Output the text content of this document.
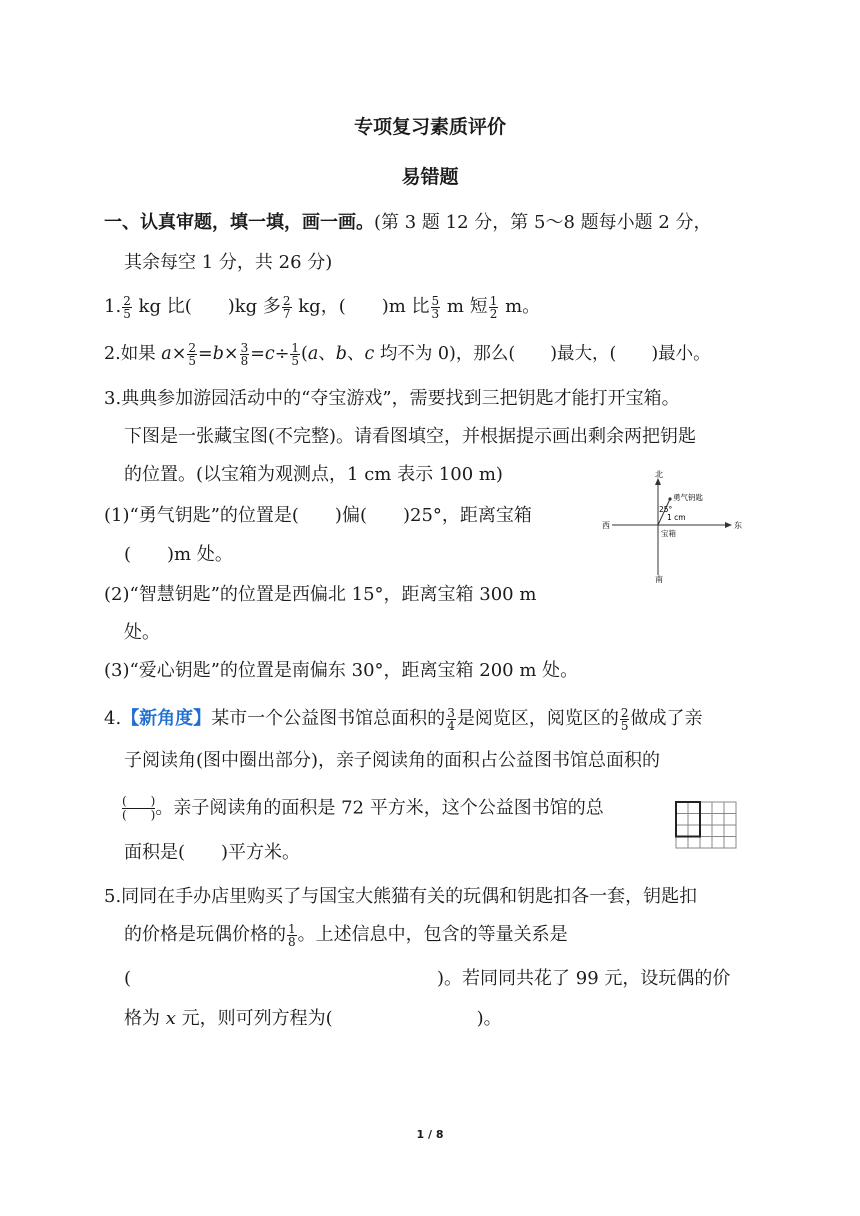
专项复习素质评价
易错题
一、认真审题，填一填，画一画。(第 3 题 12 分，第 5～8 题每小题 2 分，
其余每空 1 分，共 26 分)
1. $\frac{2}{5}$ kg 比(　　)kg 多 $\frac{2}{7}$ kg，(　　)m 比 $\frac{5}{3}$ m 短 $\frac{1}{2}$ m。
2.如果 $a\times \frac{2}{5} =b\times \frac{3}{8} =c\div \frac{1}{5} (a$、b、c 均不为 0)，那么(　　)最大，(　　)最小。
3.典典参加游园活动中的“夺宝游戏”，需要找到三把钥匙才能打开宝箱。
下图是一张藏宝图(不完整)。请看图填空，并根据提示画出剩余两把钥匙
的位置。(以宝箱为观测点，1 cm 表示 100 m)
(1)“勇气钥匙”的位置是(　　)偏(　　)25°，距离宝箱
(　　)m 处。
(2)“智慧钥匙”的位置是西偏北 15°，距离宝箱 300 m
处。
(3)“爱心钥匙”的位置是南偏东 30°，距离宝箱 200 m 处。
北
南
东
西
勇气钥匙
25°
1 cm
宝箱
4.【新角度】某市一个公益图书馆总面积的 $\frac{3}{4}$ 是阅览区，阅览区的 $\frac{2}{5}$ 做成了亲
子阅读角(图中圈出部分)，亲子阅读角的面积占公益图书馆总面积的
$\frac{( )}{( )}$ 。亲子阅读角的面积是 72 平方米，这个公益图书馆的总
面积是(　　)平方米。
5.同同在手办店里购买了与国宝大熊猫有关的玩偶和钥匙扣各一套，钥匙扣
的价格是玩偶价格的 $\frac{1}{8}$ 。上述信息中，包含的等量关系是
(　　　　　　　　　　　　　　　　　)。若同同共花了 99 元，设玩偶的价
格为 x 元，则可列方程为(　　　　　　　　)。
1 / 8
